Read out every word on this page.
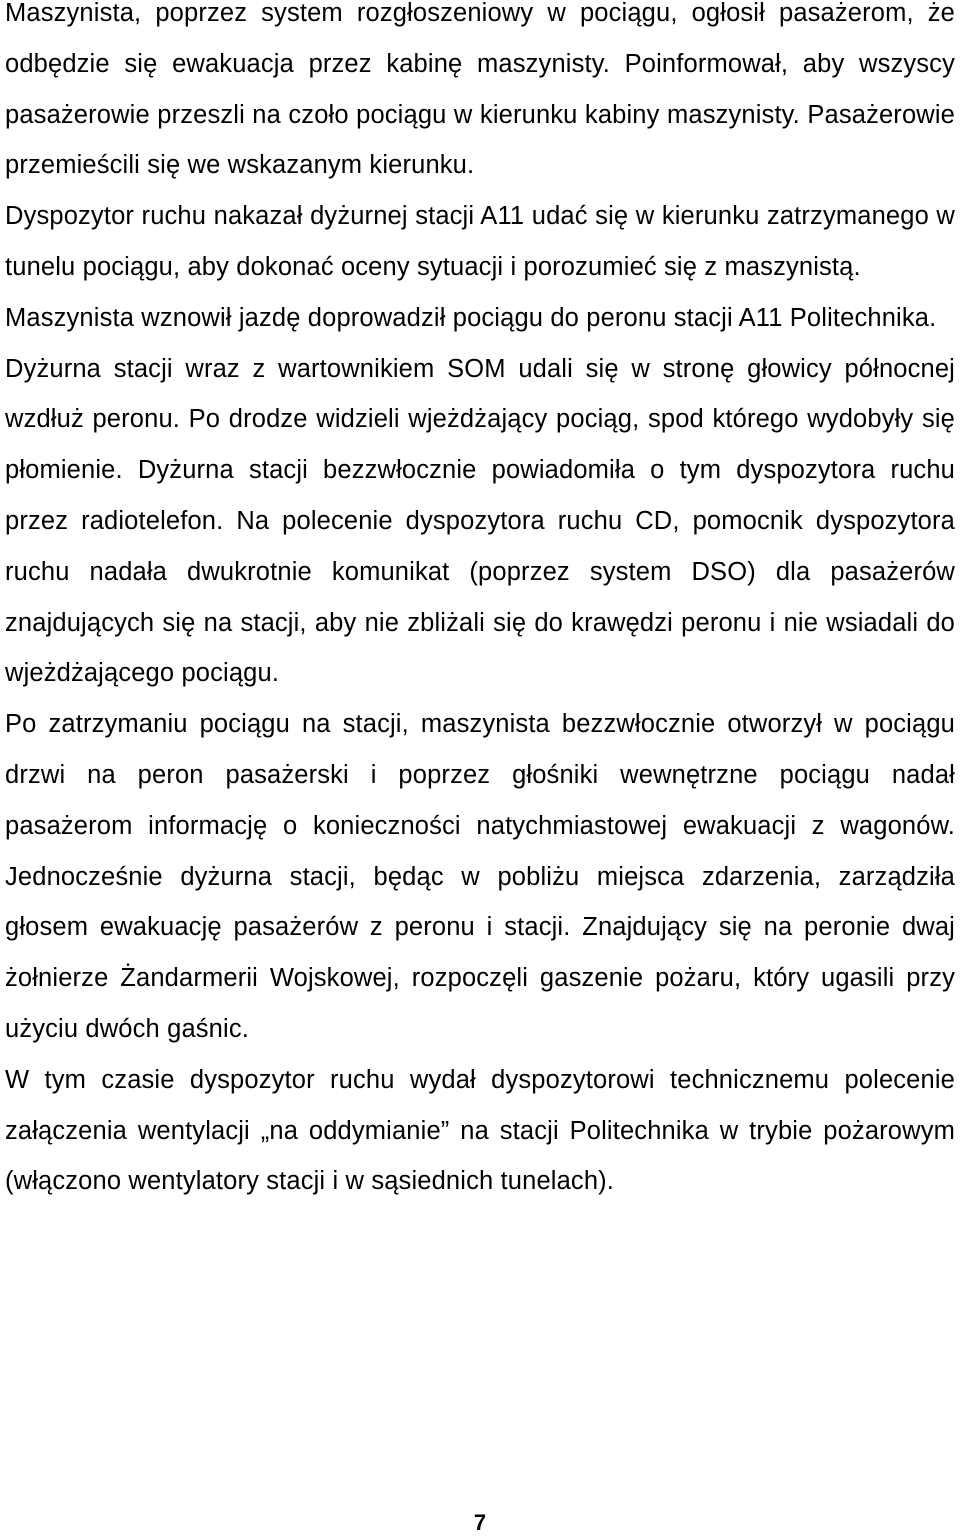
Maszynista, poprzez system rozgłoszeniowy w pociągu, ogłosił pasażerom, że odbędzie się ewakuacja przez kabinę maszynisty. Poinformował, aby wszyscy pasażerowie przeszli na czoło pociągu w kierunku kabiny maszynisty. Pasażerowie przemieścili się we wskazanym kierunku.

Dyspozytor ruchu nakazał dyżurnej stacji A11 udać się w kierunku zatrzymanego w tunelu pociągu, aby dokonać oceny sytuacji i porozumieć się z maszynistą.

Maszynista wznowił jazdę doprowadził pociągu do peronu stacji A11 Politechnika.

Dyżurna stacji wraz z wartownikiem SOM udali się w stronę głowicy północnej wzdłuż peronu. Po drodze widzieli wjeżdżający pociąg, spod którego wydobyły się płomienie. Dyżurna stacji bezzwłocznie powiadomiła o tym dyspozytora ruchu przez radiotelefon. Na polecenie dyspozytora ruchu CD, pomocnik dyspozytora ruchu nadała dwukrotnie komunikat (poprzez system DSO) dla pasażerów znajdujących się na stacji, aby nie zbliżali się do krawędzi peronu i nie wsiadali do wjeżdżającego pociągu.

Po zatrzymaniu pociągu na stacji, maszynista bezzwłocznie otworzył w pociągu drzwi na peron pasażerski i poprzez głośniki wewnętrzne pociągu nadał pasażerom informację o konieczności natychmiastowej ewakuacji z wagonów. Jednocześnie dyżurna stacji, będąc w pobliżu miejsca zdarzenia, zarządziła głosem ewakuację pasażerów z peronu i stacji. Znajdujący się na peronie dwaj żołnierze Żandarmerii Wojskowej, rozpoczęli gaszenie pożaru, który ugasili przy użyciu dwóch gaśnic.

W tym czasie dyspozytor ruchu wydał dyspozytorowi technicznemu polecenie załączenia wentylacji „na oddymianie” na stacji Politechnika w trybie pożarowym (włączono wentylatory stacji i w sąsiednich tunelach).

7
